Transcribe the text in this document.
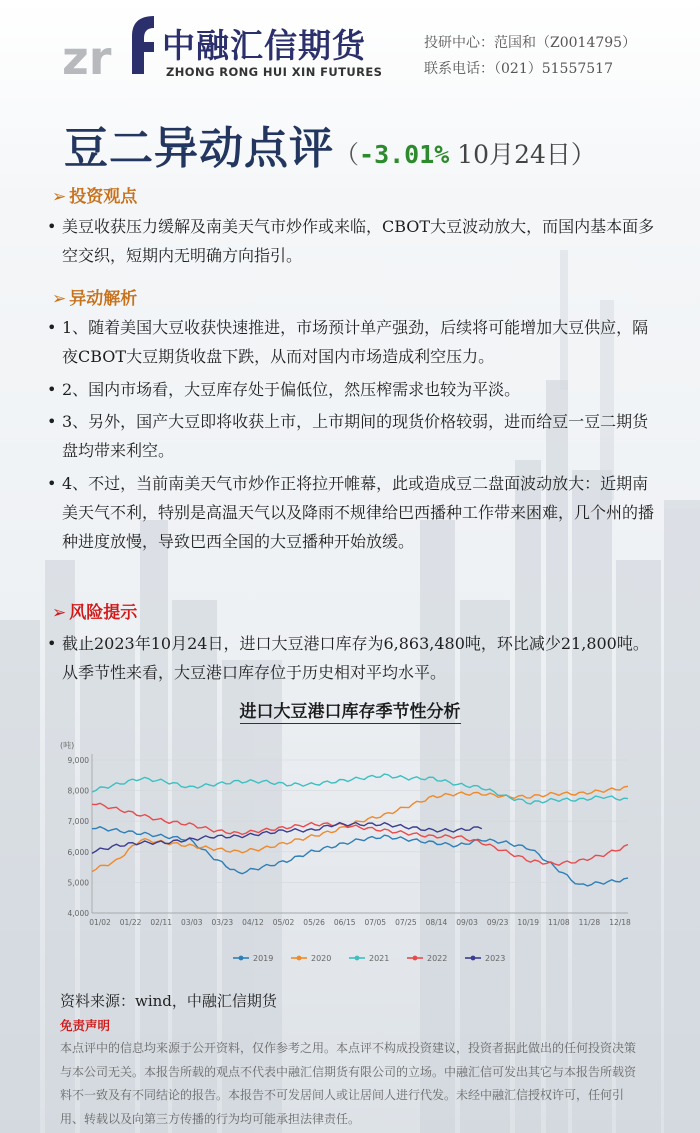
zr 中融汇信期货
ZHONG RONG HUI XIN FUTURES
投研中心：范国和（Z0014795）
联系电话：（021）51557517
豆二异动点评（-3.01% 10月24日）
➢ 投资观点
• 美豆收获压力缓解及南美天气市炒作或来临，CBOT大豆波动放大，而国内基本面多空交织，短期内无明确方向指引。
➢ 异动解析
• 1、随着美国大豆收获快速推进，市场预计单产强劲，后续将可能增加大豆供应，隔夜CBOT大豆期货收盘下跌，从而对国内市场造成利空压力。
• 2、国内市场看，大豆库存处于偏低位，然压榨需求也较为平淡。
• 3、另外，国产大豆即将收获上市，上市期间的现货价格较弱，进而给豆一豆二期货盘均带来利空。
• 4、不过，当前南美天气市炒作正将拉开帷幕，此或造成豆二盘面波动放大：近期南美天气不利，特别是高温天气以及降雨不规律给巴西播种工作带来困难，几个州的播种进度放慢，导致巴西全国的大豆播种开始放缓。
➢ 风险提示
• 截止2023年10月24日，进口大豆港口库存为6,863,480吨，环比减少21,800吨。从季节性来看，大豆港口库存位于历史相对平均水平。
进口大豆港口库存季节性分析
(吨)
4,000
5,000
6,000
7,000
8,000
9,000
01/02 01/22 02/11 03/03 03/23 04/12 05/02 05/26 06/15 07/05 07/25 08/14 09/03 09/23 10/19 11/08 11/28 12/18
2019	2020	2021	2022	2023
资料来源：wind，中融汇信期货
免责声明
本点评中的信息均来源于公开资料，仅作参考之用。本点评不构成投资建议，投资者据此做出的任何投资决策与本公司无关。本报告所载的观点不代表中融汇信期货有限公司的立场。中融汇信可发出其它与本报告所载资料不一致及有不同结论的报告。本报告不可发居间人或让居间人进行代发。未经中融汇信授权许可，任何引用、转载以及向第三方传播的行为均可能承担法律责任。
